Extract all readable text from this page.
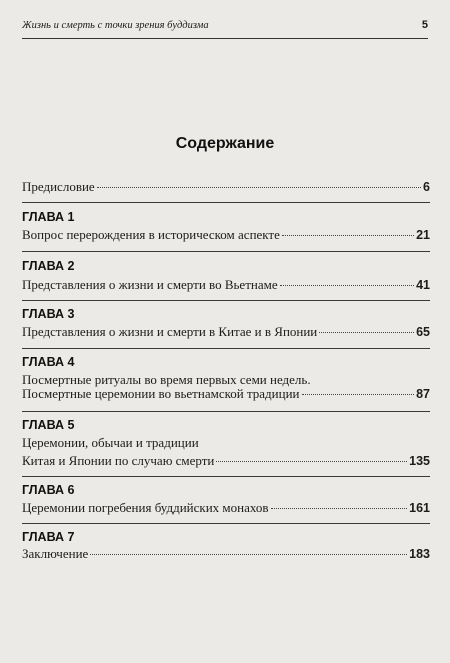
Жизнь и смерть с точки зрения буддизма	5
Содержание
Предисловие	6
ГЛАВА 1
Вопрос перерождения в историческом аспекте	21
ГЛАВА 2
Представления о жизни и смерти во Вьетнаме	41
ГЛАВА 3
Представления о жизни и смерти в Китае и в Японии	65
ГЛАВА 4
Посмертные ритуалы во время первых семи недель.
Посмертные церемонии во вьетнамской традиции	87
ГЛАВА 5
Церемонии, обычаи и традиции
Китая и Японии по случаю смерти	135
ГЛАВА 6
Церемонии погребения буддийских монахов	161
ГЛАВА 7
Заключение	183
